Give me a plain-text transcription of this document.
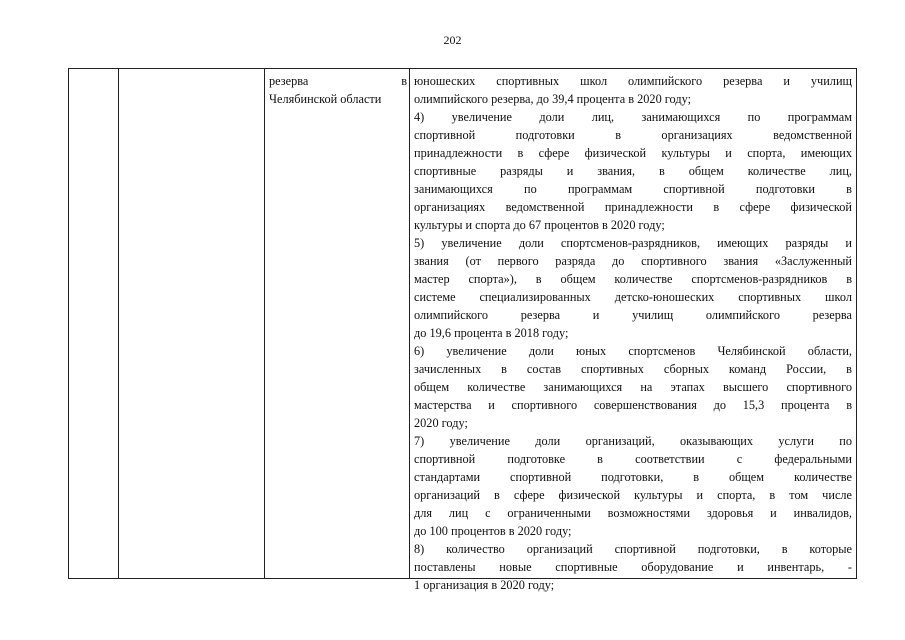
202
резерва в
Челябинской области
юношеских спортивных школ олимпийского резерва и училищ
олимпийского резерва, до 39,4 процента в 2020 году;
4) увеличение доли лиц, занимающихся по программам
спортивной подготовки в организациях ведомственной
принадлежности в сфере физической культуры и спорта, имеющих
спортивные разряды и звания, в общем количестве лиц,
занимающихся по программам спортивной подготовки в
организациях ведомственной принадлежности в сфере физической
культуры и спорта до 67 процентов в 2020 году;
5) увеличение доли спортсменов-разрядников, имеющих разряды и
звания (от первого разряда до спортивного звания «Заслуженный
мастер спорта»), в общем количестве спортсменов-разрядников в
системе специализированных детско-юношеских спортивных школ
олимпийского резерва и училищ олимпийского резерва
до 19,6 процента в 2018 году;
6) увеличение доли юных спортсменов Челябинской области,
зачисленных в состав спортивных сборных команд России, в
общем количестве занимающихся на этапах высшего спортивного
мастерства и спортивного совершенствования до 15,3 процента в
2020 году;
7) увеличение доли организаций, оказывающих услуги по
спортивной подготовке в соответствии с федеральными
стандартами спортивной подготовки, в общем количестве
организаций в сфере физической культуры и спорта, в том числе
для лиц с ограниченными возможностями здоровья и инвалидов,
до 100 процентов в 2020 году;
8) количество организаций спортивной подготовки, в которые
поставлены новые спортивные оборудование и инвентарь, -
1 организация в 2020 году;
